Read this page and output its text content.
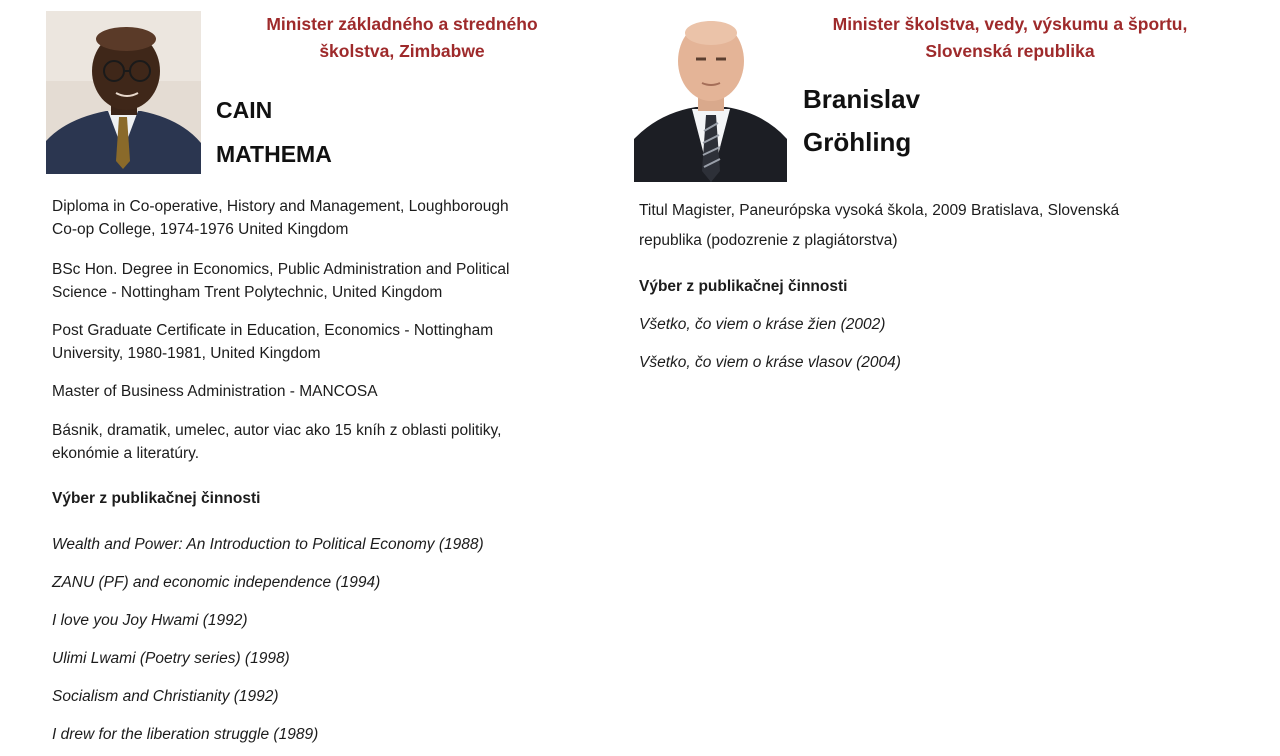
Minister základného a stredného
školstva, Zimbabwe
CAIN
MATHEMA
Diploma in Co-operative, History and Management, Loughborough
Co-op College, 1974-1976 United Kingdom
BSc Hon. Degree in Economics, Public Administration and Political
Science - Nottingham Trent Polytechnic, United Kingdom
Post Graduate Certificate in Education, Economics - Nottingham
University, 1980-1981, United Kingdom
Master of Business Administration - MANCOSA
Básnik, dramatik, umelec, autor viac ako 15 kníh z oblasti politiky,
ekonómie a literatúry.
Výber z publikačnej činnosti
Wealth and Power: An Introduction to Political Economy (1988)
ZANU (PF) and economic independence (1994)
I love you Joy Hwami (1992)
Ulimi Lwami (Poetry series) (1998)
Socialism and Christianity (1992)
I drew for the liberation struggle (1989)
Minister školstva, vedy, výskumu a športu,
Slovenská republika
Branislav
Gröhling
Titul Magister, Paneurópska vysoká škola, 2009 Bratislava, Slovenská
republika (podozrenie z plagiátorstva)
Výber z publikačnej činnosti
Všetko, čo viem o kráse žien (2002)
Všetko, čo viem o kráse vlasov (2004)
